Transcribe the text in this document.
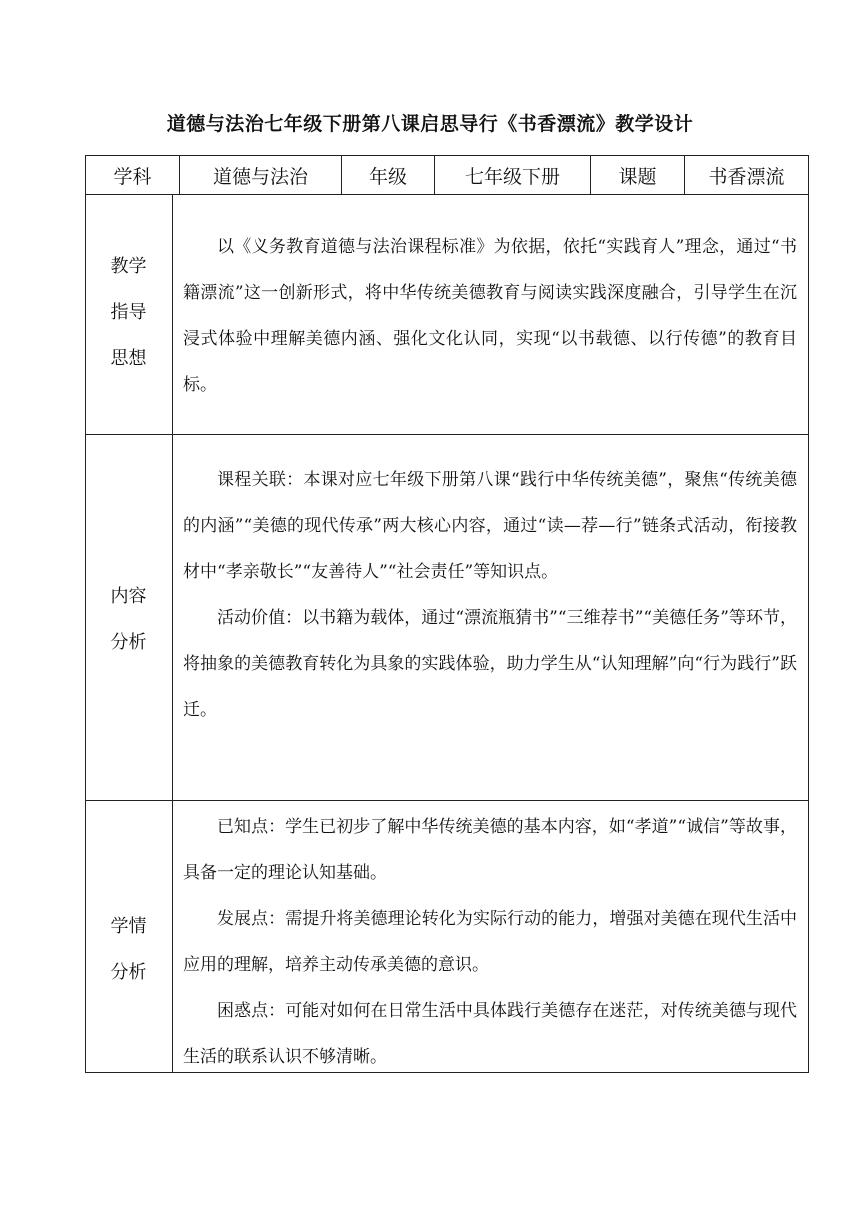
道德与法治七年级下册第八课启思导行《书香漂流》教学设计
学科	道德与法治	年级	七年级下册	课题	书香漂流
教学
指导
思想

以《义务教育道德与法治课程标准》为依据，依托“实践育人”理念，通过“书籍漂流”这一创新形式，将中华传统美德教育与阅读实践深度融合，引导学生在沉浸式体验中理解美德内涵、强化文化认同，实现“以书载德、以行传德”的教育目标。

内容
分析

课程关联：本课对应七年级下册第八课“践行中华传统美德”，聚焦“传统美德的内涵”“美德的现代传承”两大核心内容，通过“读—荐—行”链条式活动，衔接教材中“孝亲敬长”“友善待人”“社会责任”等知识点。

活动价值：以书籍为载体，通过“漂流瓶猜书”“三维荐书”“美德任务”等环节，将抽象的美德教育转化为具象的实践体验，助力学生从“认知理解”向“行为践行”跃迁。

学情
分析

已知点：学生已初步了解中华传统美德的基本内容，如“孝道”“诚信”等故事，具备一定的理论认知基础。

发展点：需提升将美德理论转化为实际行动的能力，增强对美德在现代生活中应用的理解，培养主动传承美德的意识。

困惑点：可能对如何在日常生活中具体践行美德存在迷茫，对传统美德与现代生活的联系认识不够清晰。
